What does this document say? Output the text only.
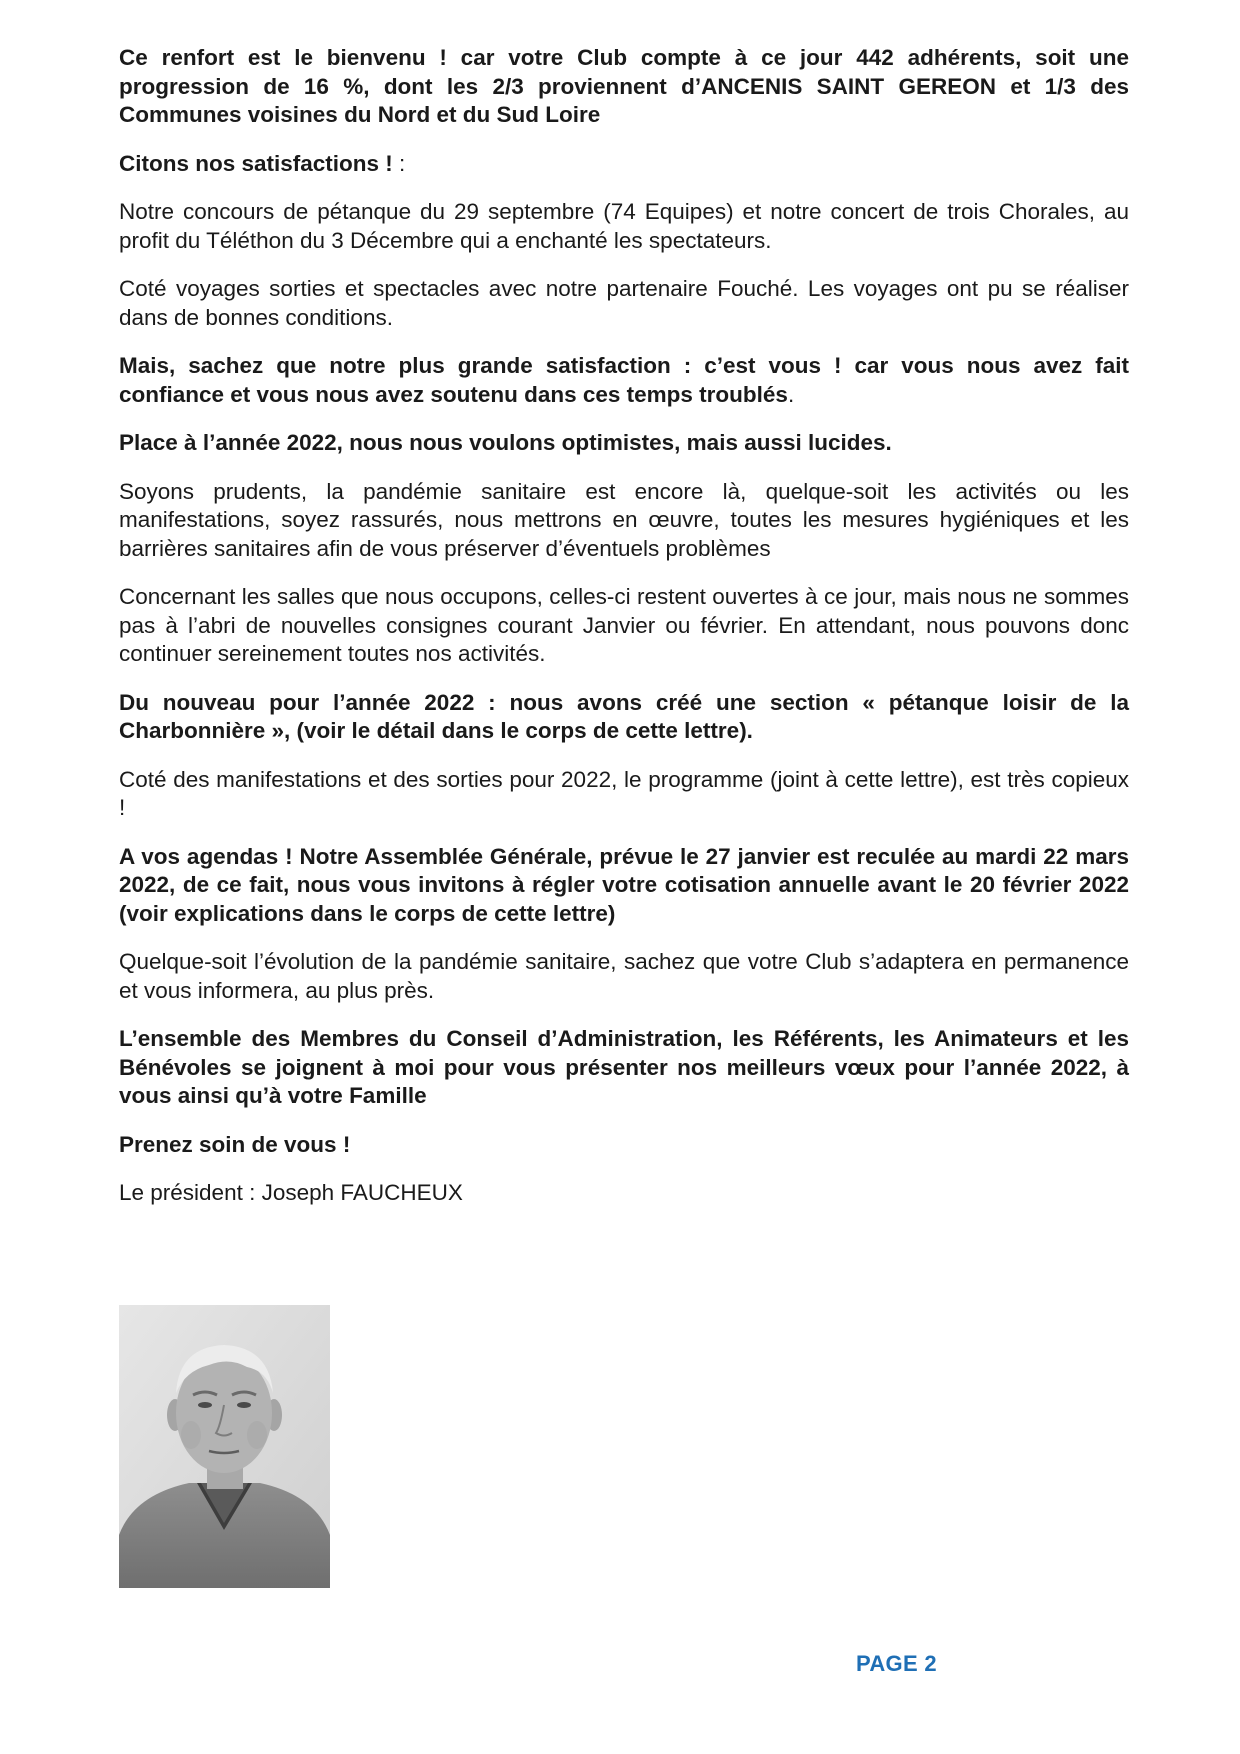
Ce renfort est le bienvenu ! car votre Club compte à ce jour 442 adhérents, soit une progression de 16 %, dont les 2/3 proviennent d’ANCENIS SAINT GEREON et 1/3 des Communes voisines du Nord et du Sud Loire

Citons nos satisfactions ! :

Notre concours de pétanque du 29 septembre (74 Equipes) et notre concert de trois Chorales, au profit du Téléthon du 3 Décembre qui a enchanté les spectateurs.

Coté voyages sorties et spectacles avec notre partenaire Fouché. Les voyages ont pu se réaliser dans de bonnes conditions.

Mais, sachez que notre plus grande satisfaction : c’est vous ! car vous nous avez fait confiance et vous nous avez soutenu dans ces temps troublés.

Place à l’année 2022, nous nous voulons optimistes, mais aussi lucides.

Soyons prudents, la pandémie sanitaire est encore là, quelque-soit les activités ou les manifestations, soyez rassurés, nous mettrons en œuvre, toutes les mesures hygiéniques et les barrières sanitaires afin de vous préserver d’éventuels problèmes

Concernant les salles que nous occupons, celles-ci restent ouvertes à ce jour, mais nous ne sommes pas à l’abri de nouvelles consignes courant Janvier ou février. En attendant, nous pouvons donc continuer sereinement toutes nos activités.

Du nouveau pour l’année 2022 : nous avons créé une section « pétanque loisir de la Charbonnière », (voir le détail dans le corps de cette lettre).

Coté des manifestations et des sorties pour 2022, le programme (joint à cette lettre), est très copieux !

A vos agendas ! Notre Assemblée Générale, prévue le 27 janvier est reculée au mardi 22 mars 2022, de ce fait, nous vous invitons à régler votre cotisation annuelle avant le 20 février 2022 (voir explications dans le corps de cette lettre)

Quelque-soit l’évolution de la pandémie sanitaire, sachez que votre Club s’adaptera en permanence et vous informera, au plus près.

L’ensemble des Membres du Conseil d’Administration, les Référents, les Animateurs et les Bénévoles se joignent à moi pour vous présenter nos meilleurs vœux pour l’année 2022, à vous ainsi qu’à votre Famille

Prenez soin de vous !

Le président : Joseph FAUCHEUX

PAGE 2
